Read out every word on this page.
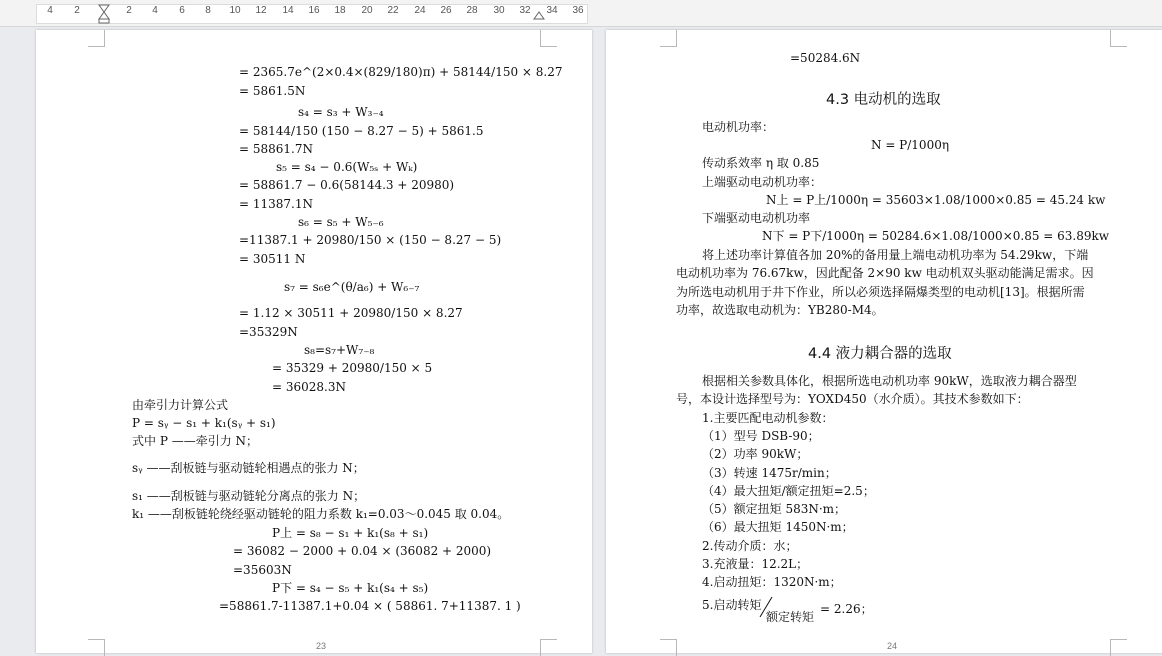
4 2	2 4 6 8 10 12 14 16 18 20 22 24 26 28 30 32 34 36
= 2365.7e^(2×0.4×(829/180)π) + 58144/150 × 8.27
= 5861.5N
s₄ = s₃ + W₃₋₄
= 58144/150 (150 − 8.27 − 5) + 5861.5
= 58861.7N
s₅ = s₄ − 0.6(W₅ₛ + Wₖ)
= 58861.7 − 0.6(58144.3 + 20980)
= 11387.1N
s₆ = s₅ + W₅₋₆
=11387.1 + 20980/150 × (150 − 8.27 − 5)
= 30511 N
s₇ = s₆e^(θ/a₆) + W₆₋₇
= 1.12 × 30511 + 20980/150 × 8.27
=35329N
s₈=s₇+W₇₋₈
= 35329 + 20980/150 × 5
= 36028.3N
由牵引力计算公式
P = sᵧ − s₁ + k₁(sᵧ + s₁)
式中 P ——牵引力 N；
sᵧ ——刮板链与驱动链轮相遇点的张力 N；
s₁ ——刮板链与驱动链轮分离点的张力 N；
k₁ ——刮板链轮绕经驱动链轮的阻力系数 k₁=0.03～0.045 取 0.04。
P上 = s₈ − s₁ + k₁(s₈ + s₁)
= 36082 − 2000 + 0.04 × (36082 + 2000)
=35603N
P下 = s₄ − s₅ + k₁(s₄ + s₅)
=58861.7-11387.1+0.04 × ( 58861. 7+11387. 1 )
23
=50284.6N
4.3 电动机的选取
电动机功率：
N = P/1000η
传动系效率 η 取 0.85
上端驱动电动机功率：
N上 = P上/1000η = 35603×1.08/1000×0.85 = 45.24 kw
下端驱动电动机功率
N下 = P下/1000η = 50284.6×1.08/1000×0.85 = 63.89kw
将上述功率计算值各加 20%的备用量上端电动机功率为 54.29kw，下端
电动机功率为 76.67kw，因此配备 2×90 kw 电动机双头驱动能满足需求。因
为所选电动机用于井下作业，所以必须选择隔爆类型的电动机[13]。根据所需
功率，故选取电动机为：YB280-M4。
4.4 液力耦合器的选取
根据相关参数具体化，根据所选电动机功率 90kW，选取液力耦合器型
号，本设计选择型号为：YOXD450（水介质）。其技术参数如下：
1.主要匹配电动机参数：
（1）型号 DSB-90；
（2）功率 90kW；
（3）转速 1475r/min；
（4）最大扭矩/额定扭矩=2.5；
（5）额定扭矩 583N·m；
（6）最大扭矩 1450N·m；
2.传动介质：水；
3.充液量：12.2L；
4.启动扭矩：1320N·m；
5.启动转矩
额定转矩
= 2.26；
24
